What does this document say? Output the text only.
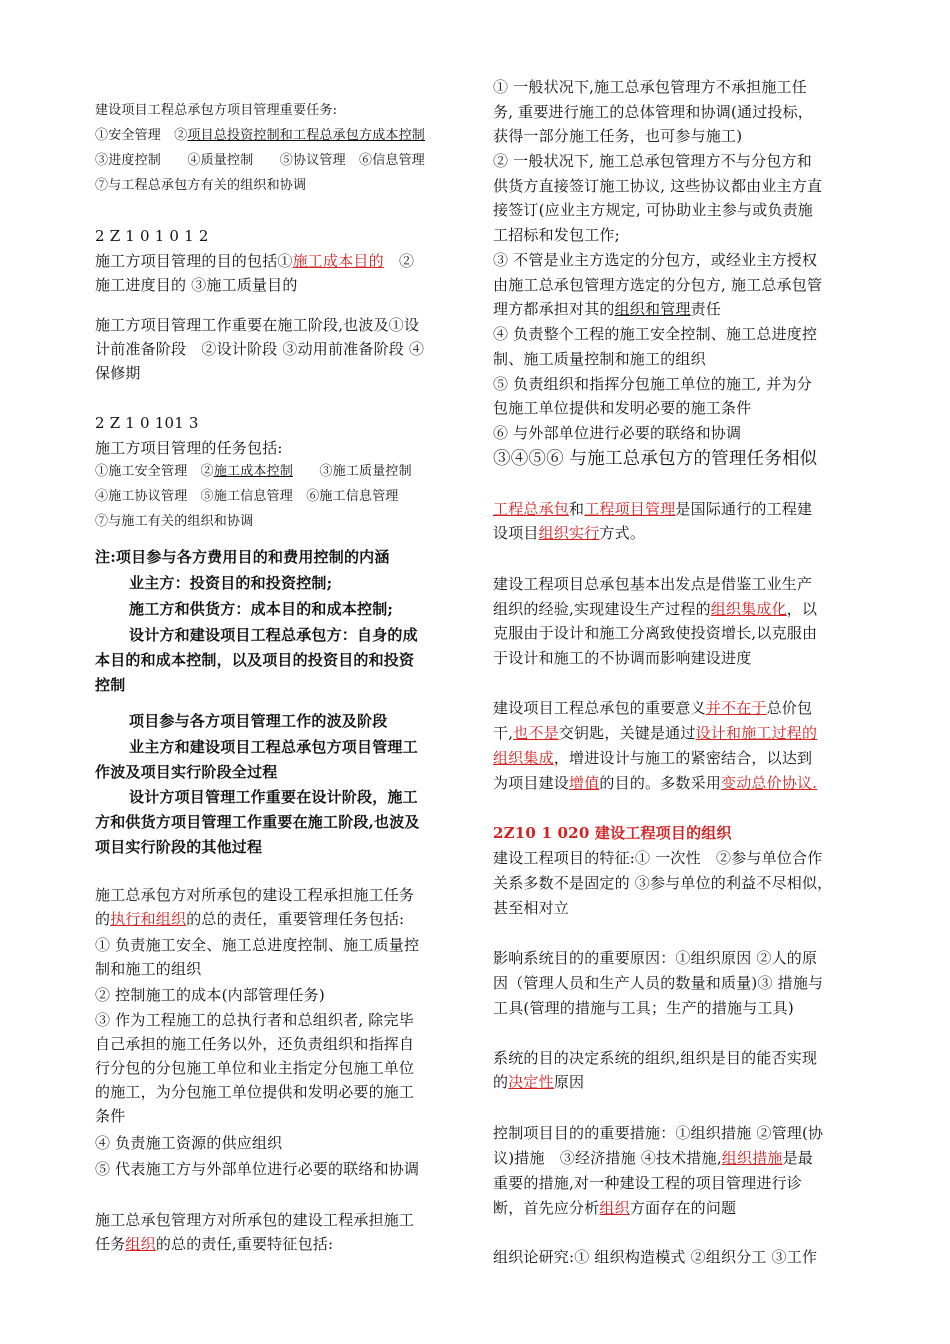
建设项目工程总承包方项目管理重要任务:
①安全管理　②项目总投资控制和工程总承包方成本控制
③进度控制　　④质量控制　　⑤协议管理　⑥信息管理
⑦与工程总承包方有关的组织和协调
2 Z 1 0 1 0 1 2
施工方项目管理的目的包括①施工成本目的　②
施工进度目的 ③施工质量目的
施工方项目管理工作重要在施工阶段,也波及①设
计前准备阶段　②设计阶段 ③动用前准备阶段 ④
保修期
2 Z 1 0 101 3
施工方项目管理的任务包括:
①施工安全管理　②施工成本控制　　③施工质量控制
④施工协议管理　⑤施工信息管理　⑥施工信息管理
⑦与施工有关的组织和协调
注:项目参与各方费用目的和费用控制的内涵
业主方：投资目的和投资控制;
施工方和供货方：成本目的和成本控制;
设计方和建设项目工程总承包方：自身的成
本目的和成本控制，以及项目的投资目的和投资
控制
项目参与各方项目管理工作的波及阶段
业主方和建设项目工程总承包方项目管理工
作波及项目实行阶段全过程
设计方项目管理工作重要在设计阶段，施工
方和供货方项目管理工作重要在施工阶段,也波及
项目实行阶段的其他过程
施工总承包方对所承包的建设工程承担施工任务
的执行和组织的总的责任，重要管理任务包括:
① 负责施工安全、施工总进度控制、施工质量控
制和施工的组织
② 控制施工的成本(内部管理任务)
③ 作为工程施工的总执行者和总组织者, 除完毕
自己承担的施工任务以外，还负责组织和指挥自
行分包的分包施工单位和业主指定分包施工单位
的施工，为分包施工单位提供和发明必要的施工
条件
④ 负责施工资源的供应组织
⑤ 代表施工方与外部单位进行必要的联络和协调
施工总承包管理方对所承包的建设工程承担施工
任务组织的总的责任,重要特征包括:
① 一般状况下,施工总承包管理方不承担施工任
务, 重要进行施工的总体管理和协调(通过投标，
获得一部分施工任务，也可参与施工)
② 一般状况下, 施工总承包管理方不与分包方和
供货方直接签订施工协议, 这些协议都由业主方直
接签订(应业主方规定, 可协助业主参与或负责施
工招标和发包工作;
③ 不管是业主方选定的分包方，或经业主方授权
由施工总承包管理方选定的分包方, 施工总承包管
理方都承担对其的组织和管理责任
④ 负责整个工程的施工安全控制、施工总进度控
制、施工质量控制和施工的组织
⑤ 负责组织和指挥分包施工单位的施工, 并为分
包施工单位提供和发明必要的施工条件
⑥ 与外部单位进行必要的联络和协调
③④⑤⑥ 与施工总承包方的管理任务相似
工程总承包和工程项目管理是国际通行的工程建
设项目组织实行方式。
建设工程项目总承包基本出发点是借鉴工业生产
组织的经验,实现建设生产过程的组织集成化，以
克服由于设计和施工分离致使投资增长,以克服由
于设计和施工的不协调而影响建设进度
建设项目工程总承包的重要意义并不在于总价包
干,也不是交钥匙，关键是通过设计和施工过程的
组织集成，增进设计与施工的紧密结合，以达到
为项目建设增值的目的。多数采用变动总价协议.
2Z10 1 020 建设工程项目的组织
建设工程项目的特征:① 一次性　②参与单位合作
关系多数不是固定的 ③参与单位的利益不尽相似，
甚至相对立
影响系统目的的重要原因：①组织原因 ②人的原
因（管理人员和生产人员的数量和质量)③ 措施与
工具(管理的措施与工具；生产的措施与工具)
系统的目的决定系统的组织,组织是目的能否实现
的决定性原因
控制项目目的的重要措施：①组织措施 ②管理(协
议)措施　③经济措施 ④技术措施,组织措施是最
重要的措施,对一种建设工程的项目管理进行诊
断，首先应分析组织方面存在的问题
组织论研究:① 组织构造模式 ②组织分工 ③工作
